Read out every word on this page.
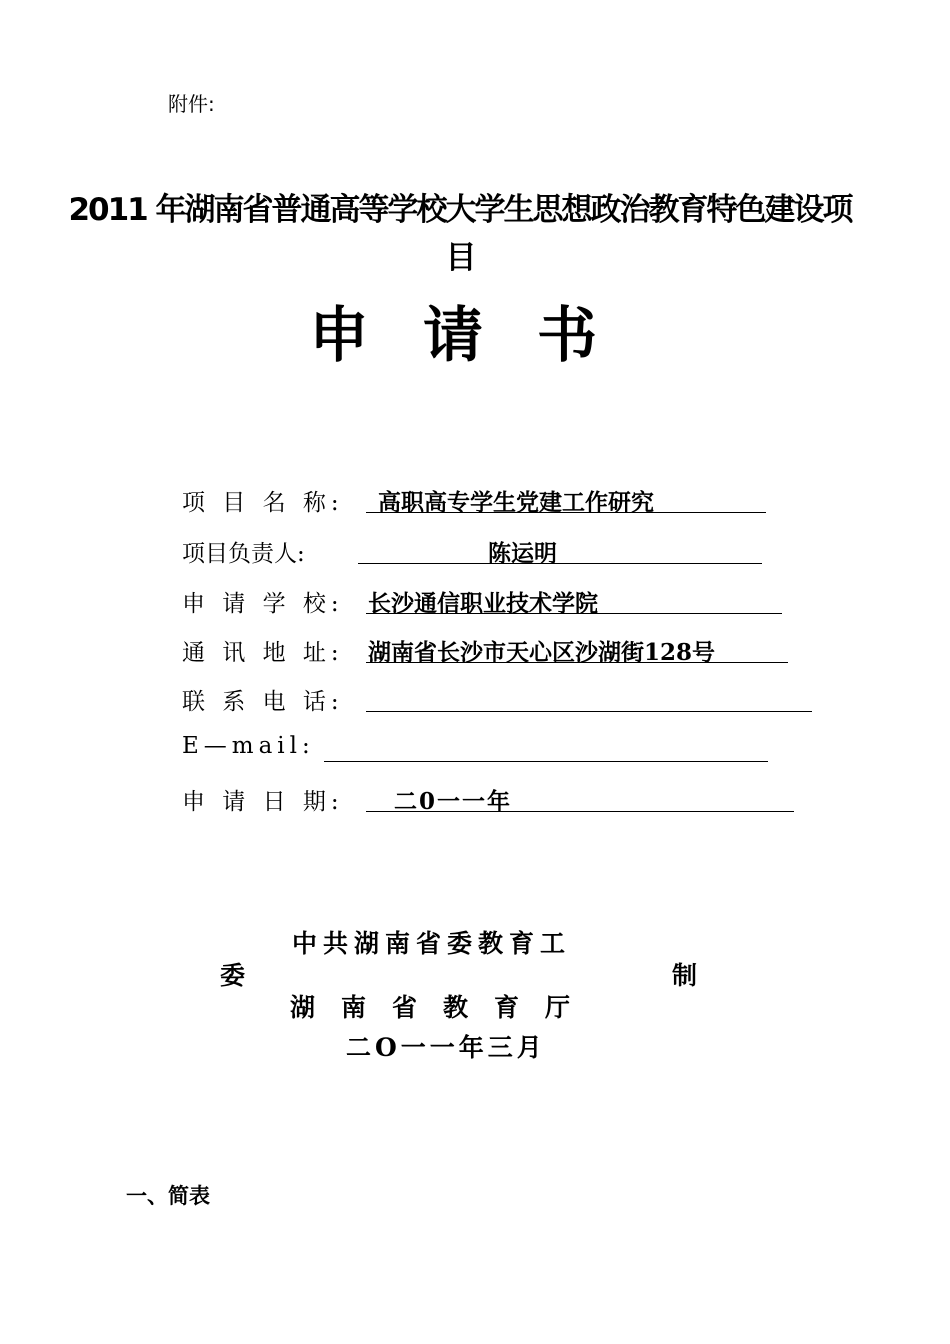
附件:
2011 年湖南省普通高等学校大学生思想政治教育特色建设项
目
申请书
项 目 名 称: 高职高专学生党建工作研究
项目负责人:	陈运明
申 请 学 校: 长沙通信职业技术学院
通 讯 地 址: 湖南省长沙市天心区沙湖街128号
联 系 电 话:
E—mail:
申 请 日 期: 二0一一年
中共湖南省委教育工
委	制
湖南省教育厅
二O一一年三月
一、简表
